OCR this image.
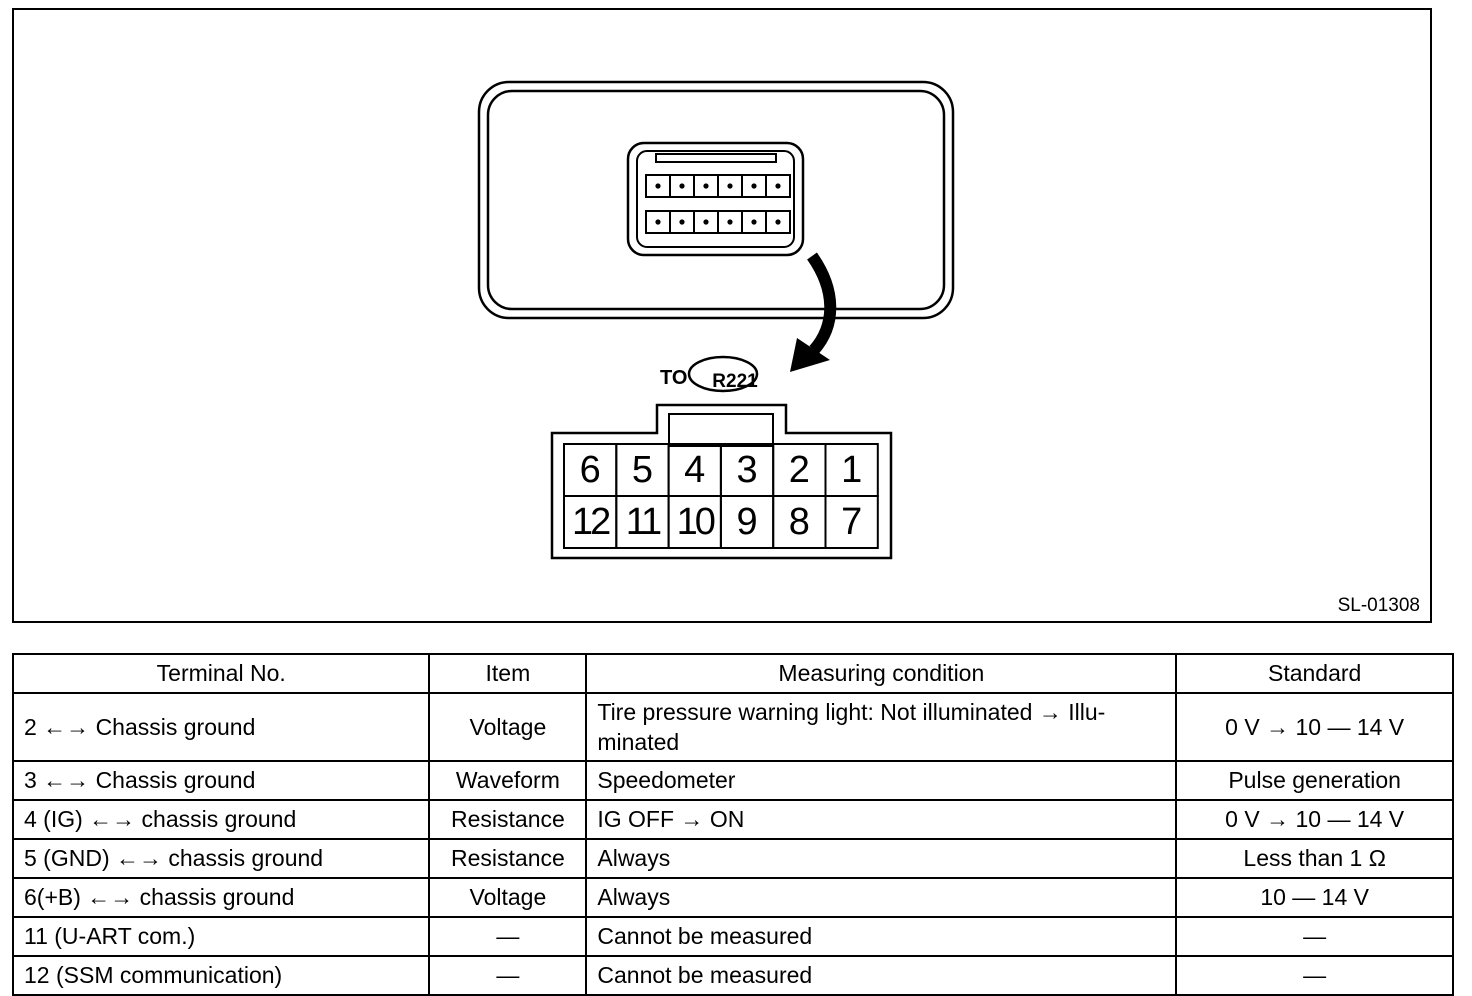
TO	R221
6 5 4 3 2 1
12 11 10 9 8 7
SL-01308
Terminal No.	Item	Measuring condition	Standard
2 ←→ Chassis ground	Voltage	Tire pressure warning light: Not illuminated → Illu-
minated	0 V → 10 — 14 V
3 ←→ Chassis ground	Waveform	Speedometer	Pulse generation
4 (IG) ←→ chassis ground	Resistance	IG OFF → ON	0 V → 10 — 14 V
5 (GND) ←→ chassis ground	Resistance	Always	Less than 1 Ω
6(+B) ←→ chassis ground	Voltage	Always	10 — 14 V
11 (U-ART com.)	—	Cannot be measured	—
12 (SSM communication)	—	Cannot be measured	—
